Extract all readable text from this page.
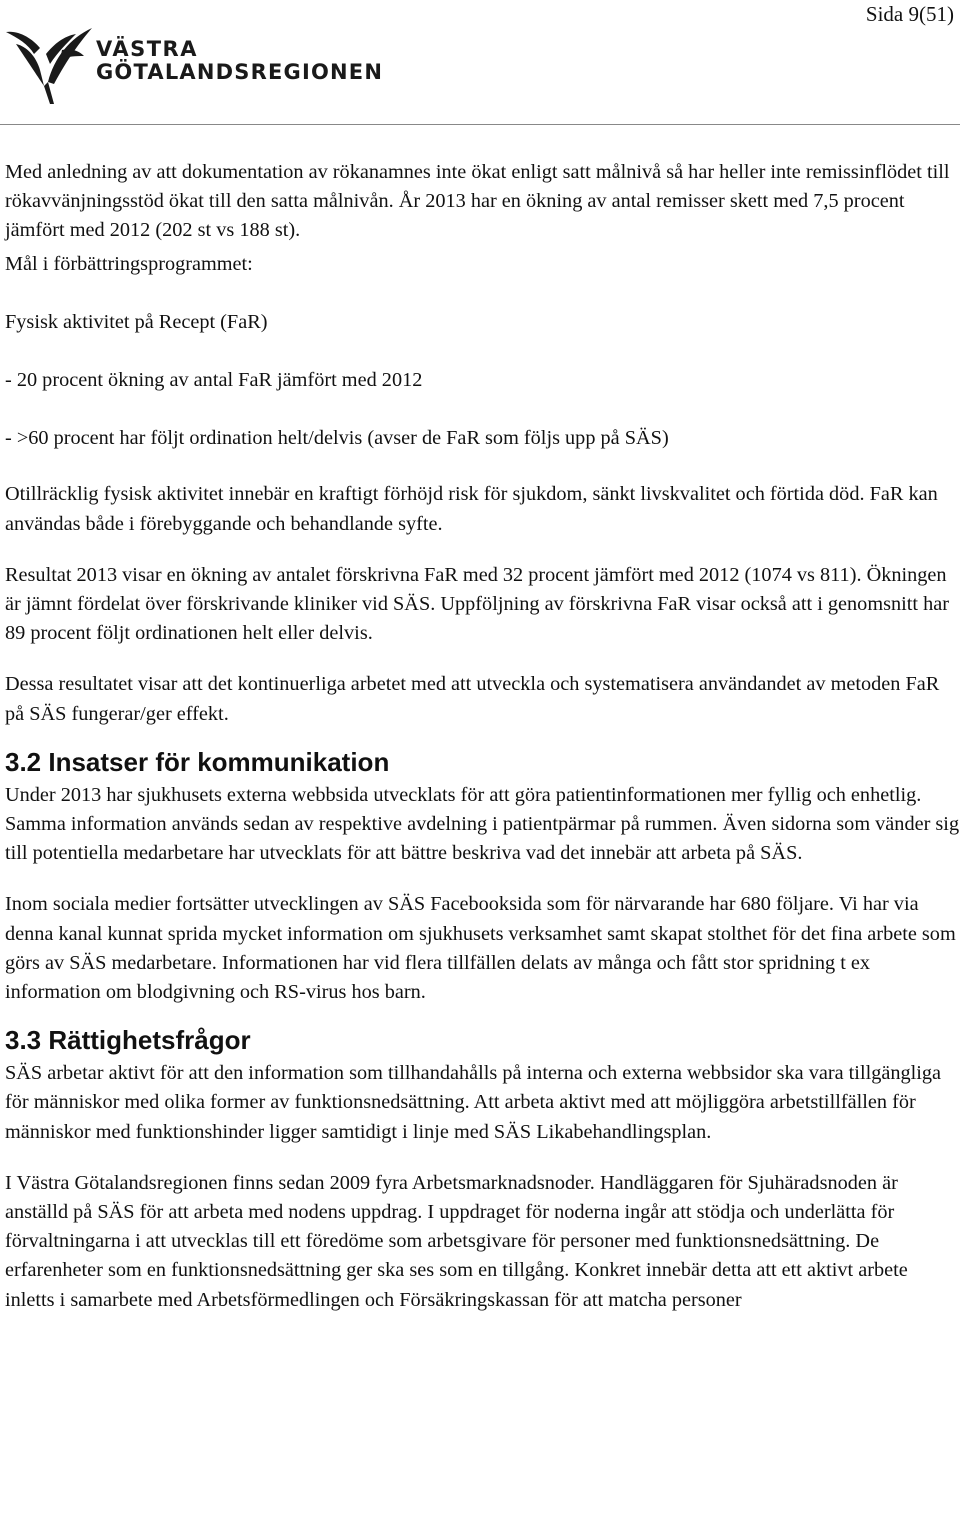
Sida 9(51)
VÄSTRA
GÖTALANDSREGIONEN

Med anledning av att dokumentation av rökanamnes inte ökat enligt satt målnivå så har heller inte remissinflödet till rökavvänjningsstöd ökat till den satta målnivån. År 2013 har en ökning av antal remisser skett med 7,5 procent jämfört med 2012 (202 st vs 188 st).

Mål i förbättringsprogrammet:

Fysisk aktivitet på Recept (FaR)

- 20 procent ökning av antal FaR jämfört med 2012

- >60 procent har följt ordination helt/delvis (avser de FaR som följs upp på SÄS)

Otillräcklig fysisk aktivitet innebär en kraftigt förhöjd risk för sjukdom, sänkt livskvalitet och förtida död. FaR kan användas både i förebyggande och behandlande syfte.

Resultat 2013 visar en ökning av antalet förskrivna FaR med 32 procent jämfört med 2012 (1074 vs 811). Ökningen är jämnt fördelat över förskrivande kliniker vid SÄS. Uppföljning av förskrivna FaR visar också att i genomsnitt har 89 procent följt ordinationen helt eller delvis.

Dessa resultatet visar att det kontinuerliga arbetet med att utveckla och systematisera användandet av metoden FaR på SÄS fungerar/ger effekt.

3.2 Insatser för kommunikation

Under 2013 har sjukhusets externa webbsida utvecklats för att göra patientinformationen mer fyllig och enhetlig. Samma information används sedan av respektive avdelning i patientpärmar på rummen. Även sidorna som vänder sig till potentiella medarbetare har utvecklats för att bättre beskriva vad det innebär att arbeta på SÄS.

Inom sociala medier fortsätter utvecklingen av SÄS Facebooksida som för närvarande har 680 följare. Vi har via denna kanal kunnat sprida mycket information om sjukhusets verksamhet samt skapat stolthet för det fina arbete som görs av SÄS medarbetare. Informationen har vid flera tillfällen delats av många och fått stor spridning t ex information om blodgivning och RS-virus hos barn.

3.3 Rättighetsfrågor

SÄS arbetar aktivt för att den information som tillhandahålls på interna och externa webbsidor ska vara tillgängliga för människor med olika former av funktionsnedsättning. Att arbeta aktivt med att möjliggöra arbetstillfällen för människor med funktionshinder ligger samtidigt i linje med SÄS Likabehandlingsplan.

I Västra Götalandsregionen finns sedan 2009 fyra Arbetsmarknadsnoder. Handläggaren för Sjuhäradsnoden är anställd på SÄS för att arbeta med nodens uppdrag. I uppdraget för noderna ingår att stödja och underlätta för förvaltningarna i att utvecklas till ett föredöme som arbetsgivare för personer med funktionsnedsättning. De erfarenheter som en funktionsnedsättning ger ska ses som en tillgång. Konkret innebär detta att ett aktivt arbete inletts i samarbete med Arbetsförmedlingen och Försäkringskassan för att matcha personer
